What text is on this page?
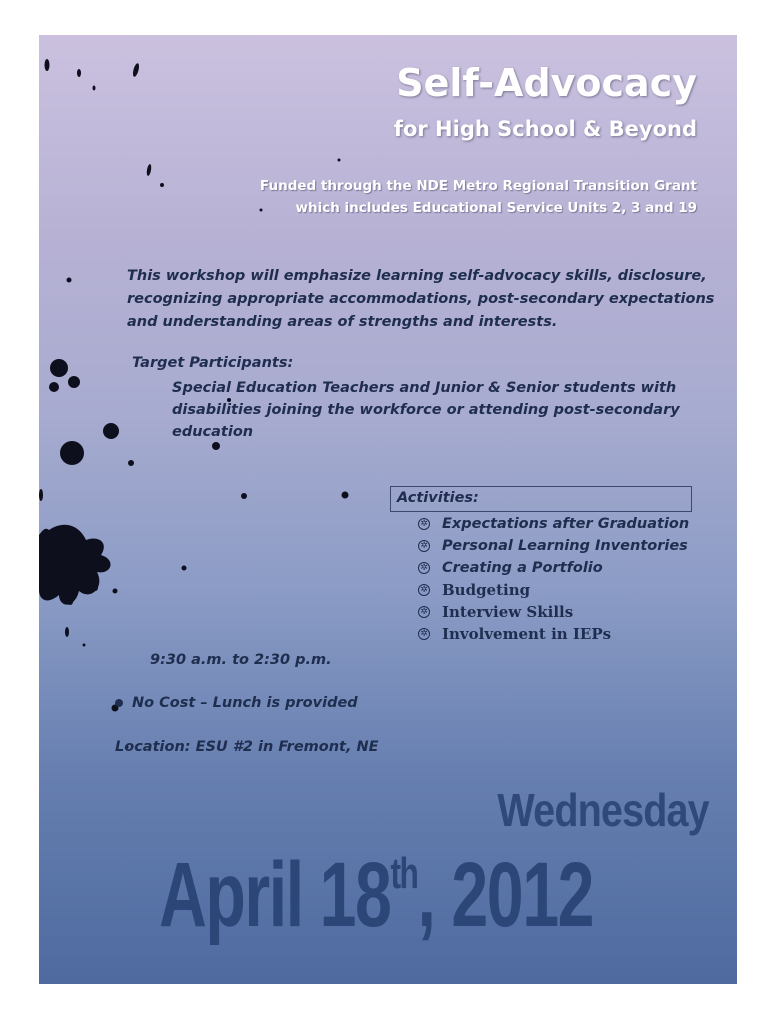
Self-Advocacy
for High School & Beyond
Funded through the NDE Metro Regional Transition Grant
which includes Educational Service Units 2, 3 and 19
This workshop will emphasize learning self-advocacy skills, disclosure, recognizing appropriate accommodations, post-secondary expectations and understanding areas of strengths and interests.
Target Participants:
Special Education Teachers and Junior & Senior students with disabilities joining the workforce or attending post-secondary education
Activities:
✲ Expectations after Graduation
✲ Personal Learning Inventories
✲ Creating a Portfolio
✲ Budgeting
✲ Interview Skills
✲ Involvement in IEPs
9:30 a.m. to 2:30 p.m.
No Cost – Lunch is provided
Location: ESU #2 in Fremont, NE
Wednesday
April 18th, 2012
